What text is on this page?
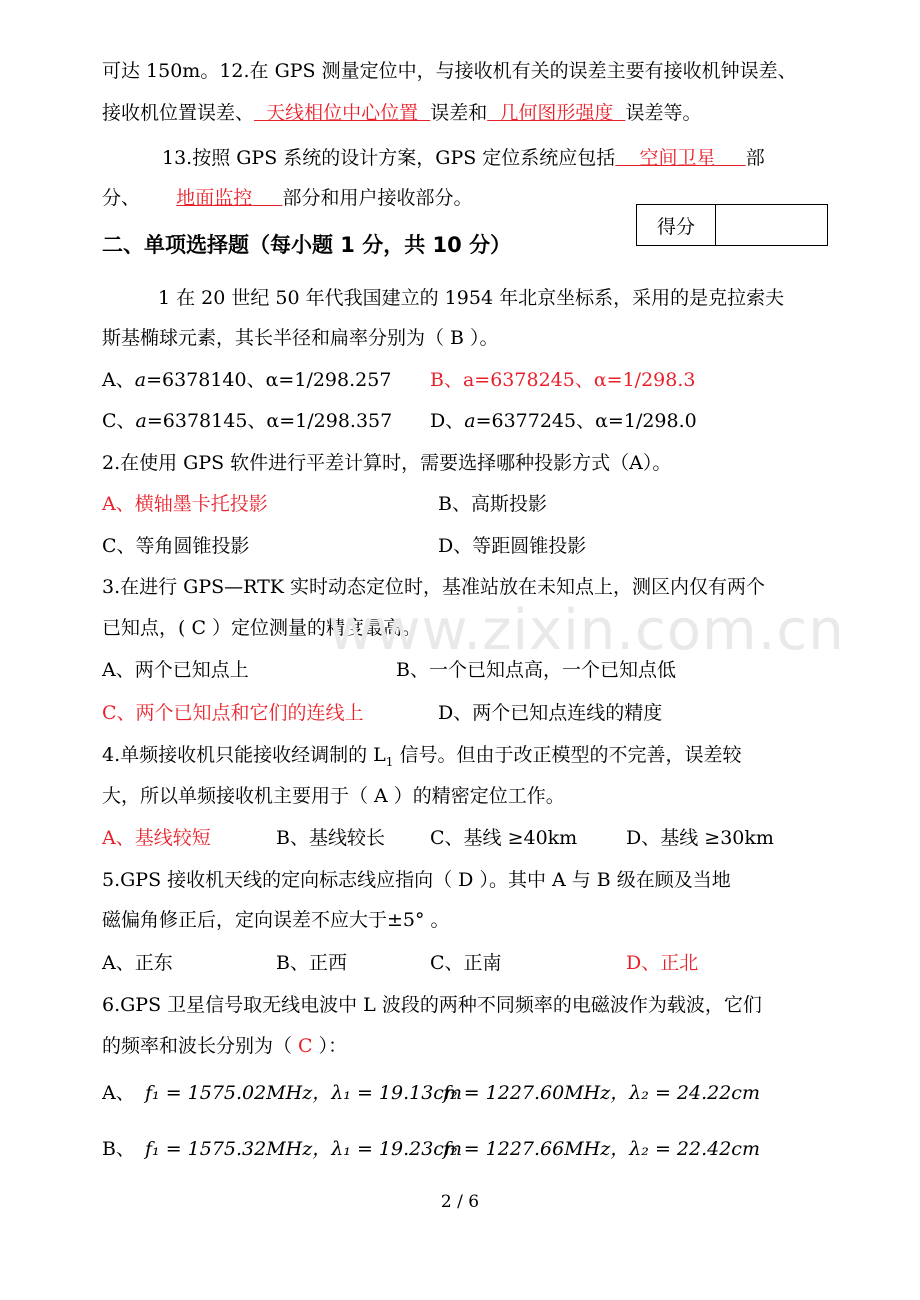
可达 150m。12.在 GPS 测量定位中，与接收机有关的误差主要有接收机钟误差、

接收机位置误差、 天线相位中心位置 误差和 几何图形强度 误差等。

13.按照 GPS 系统的设计方案，GPS 定位系统应包括 空间卫星 部

分、 地面监控 部分和用户接收部分。

得分
二、单项选择题（每小题 1 分，共 10 分）

1 在 20 世纪 50 年代我国建立的 1954 年北京坐标系，采用的是克拉索夫

斯基椭球元素，其长半径和扁率分别为（ B ）。

A、a=6378140、α=1/298.257 B、a=6378245、α=1/298.3

C、a=6378145、α=1/298.357 D、a=6377245、α=1/298.0

2.在使用 GPS 软件进行平差计算时，需要选择哪种投影方式（A）。

A、横轴墨卡托投影	B、高斯投影

C、等角圆锥投影	D、等距圆锥投影

3.在进行 GPS—RTK 实时动态定位时，基准站放在未知点上，测区内仅有两个

已知点，( C ）定位测量的精度最高。

A、两个已知点上	B、一个已知点高，一个已知点低

C、两个已知点和它们的连线上	D、两个已知点连线的精度

www.zixin.com.cn

4.单频接收机只能接收经调制的 $L_1$ 信号。但由于改正模型的不完善，误差较

大，所以单频接收机主要用于（ A ）的精密定位工作。

A、基线较短	B、基线较长 C、基线 ≥40km	D、基线 ≥30km

5.GPS 接收机天线的定向标志线应指向（ D ）。其中 A 与 B 级在顾及当地

磁偏角修正后，定向误差不应大于±5° 。

A、正东	B、正西	C、正南	D、正北

6.GPS 卫星信号取无线电波中 L 波段的两种不同频率的电磁波作为载波，它们

的频率和波长分别为（ C ）：

A、 f₁ = 1575.02MHz，λ₁ = 19.13cm

f₂ = 1227.60MHz，λ₂ = 24.22cm

B、 f₁ = 1575.32MHz，λ₁ = 19.23cm

f₂ = 1227.66MHz，λ₂ = 22.42cm

2 / 6
